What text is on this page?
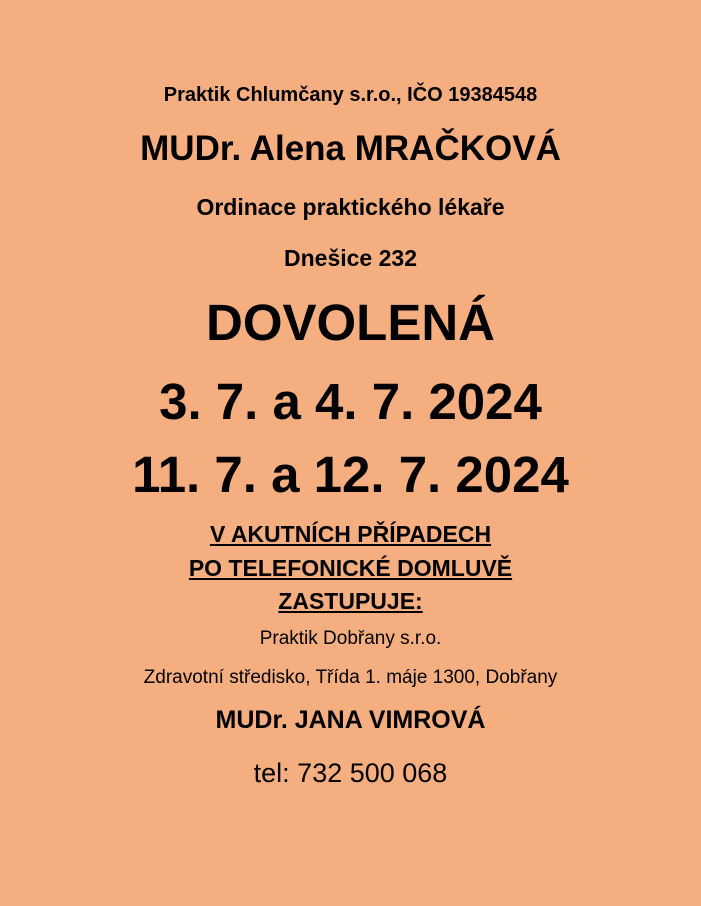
Praktik Chlumčany s.r.o., IČO 19384548
MUDr. Alena MRAČKOVÁ
Ordinace praktického lékaře
Dnešice 232
DOVOLENÁ
3. 7. a 4. 7. 2024
11. 7. a 12. 7. 2024
V AKUTNÍCH PŘÍPADECH
PO TELEFONICKÉ DOMLUVĚ
ZASTUPUJE:
Praktik Dobřany s.r.o.
Zdravotní středisko, Třída 1. máje 1300, Dobřany
MUDr. JANA VIMROVÁ
tel: 732 500 068
